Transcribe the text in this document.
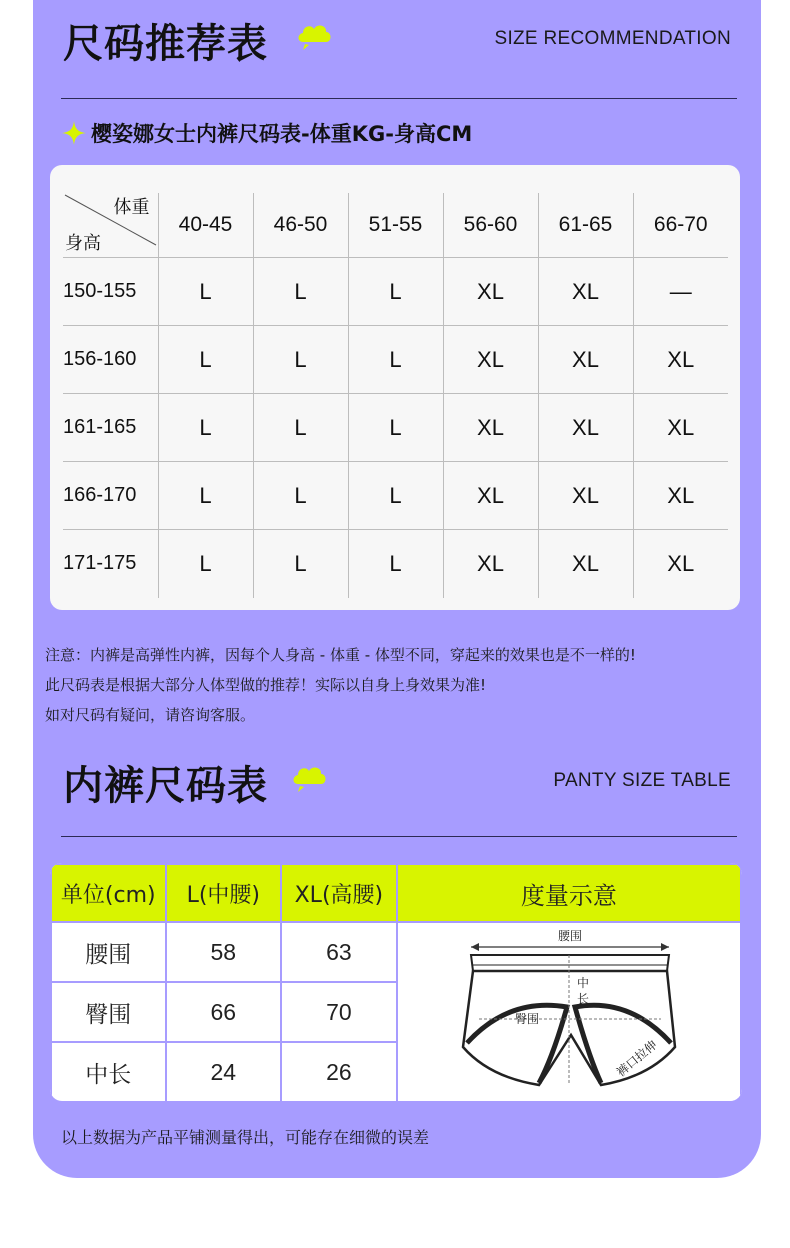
尺码推荐表	SIZE RECOMMENDATION
樱姿娜女士内裤尺码表-体重KG-身高CM
体重
身高	40-45	46-50	51-55	56-60	61-65	66-70
150-155	L	L	L	XL	XL	—
156-160	L	L	L	XL	XL	XL
161-165	L	L	L	XL	XL	XL
166-170	L	L	L	XL	XL	XL
171-175	L	L	L	XL	XL	XL
注意：内裤是高弹性内裤，因每个人身高 - 体重 - 体型不同，穿起来的效果也是不一样的!
此尺码表是根据大部分人体型做的推荐！实际以自身上身效果为准!
如对尺码有疑问，请咨询客服。
内裤尺码表	PANTY SIZE TABLE
单位(cm)	L(中腰)	XL(高腰)	度量示意
腰围	58	63	腰围
臀围
中
长
裤口拉伸

臀围	66	70	
中长	24	26	
以上数据为产品平铺测量得出，可能存在细微的误差
